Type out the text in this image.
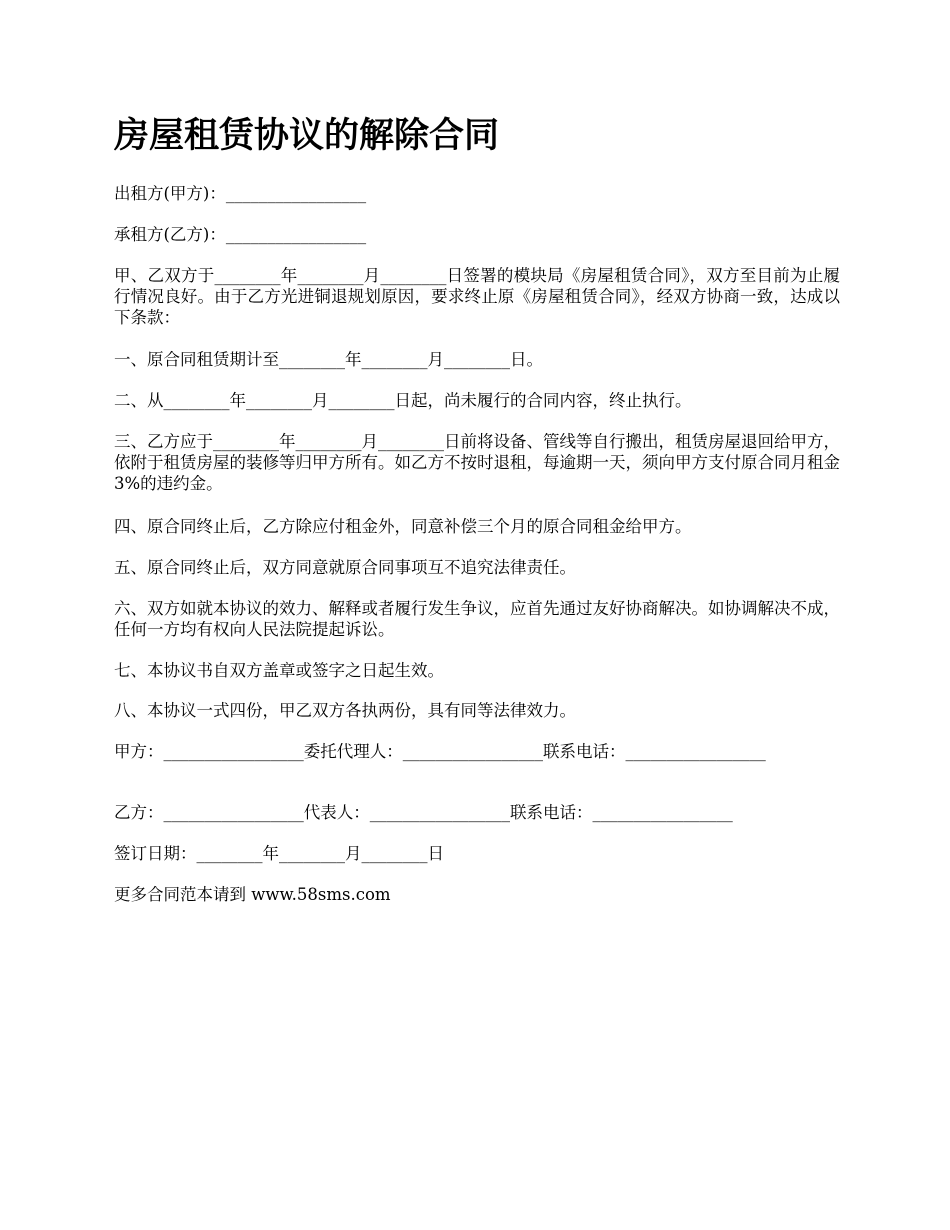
房屋租赁协议的解除合同

出租方(甲方)：_________________

承租方(乙方)：_________________

甲、乙双方于________年________月________日签署的模块局《房屋租赁合同》，双方至目前为止履行情况良好。由于乙方光进铜退规划原因，要求终止原《房屋租赁合同》，经双方协商一致，达成以下条款：

一、原合同租赁期计至________年________月________日。

二、从________年________月________日起，尚未履行的合同内容，终止执行。

三、乙方应于________年________月________日前将设备、管线等自行搬出，租赁房屋退回给甲方，依附于租赁房屋的装修等归甲方所有。如乙方不按时退租，每逾期一天，须向甲方支付原合同月租金3%的违约金。

四、原合同终止后，乙方除应付租金外，同意补偿三个月的原合同租金给甲方。

五、原合同终止后，双方同意就原合同事项互不追究法律责任。

六、双方如就本协议的效力、解释或者履行发生争议，应首先通过友好协商解决。如协调解决不成，任何一方均有权向人民法院提起诉讼。

七、本协议书自双方盖章或签字之日起生效。

八、本协议一式四份，甲乙双方各执两份，具有同等法律效力。

甲方：_________________委托代理人：_________________联系电话：_________________

乙方：_________________代表人：_________________联系电话：_________________

签订日期：________年________月________日

更多合同范本请到 www.58sms.com
